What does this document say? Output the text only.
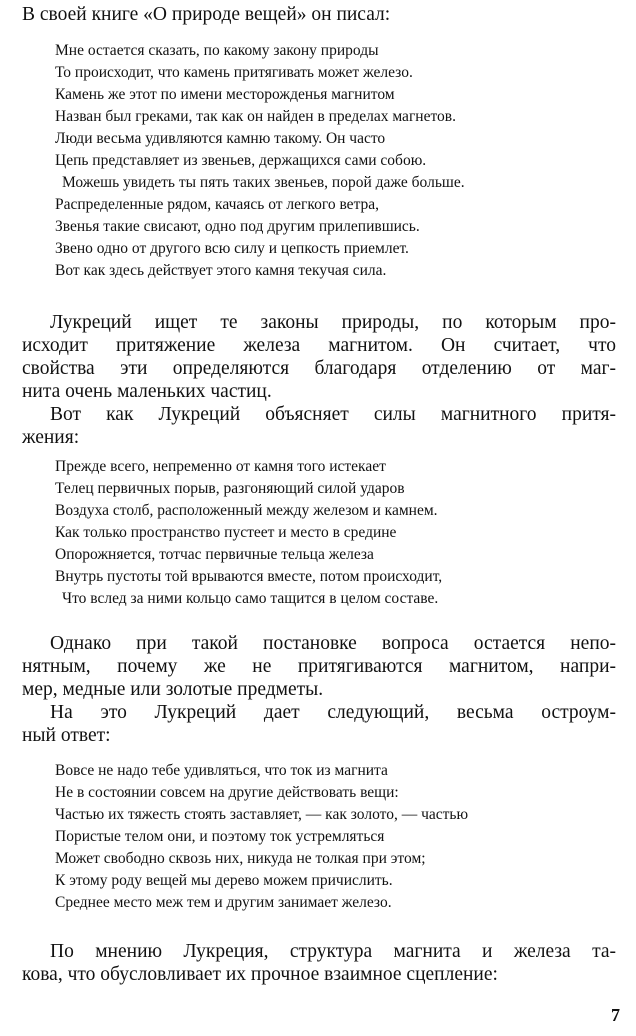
В своей книге «О природе вещей» он писал:
Мне остается сказать, по какому закону природы
То происходит, что камень притягивать может железо.
Камень же этот по имени месторожденья магнитом
Назван был греками, так как он найден в пределах магнетов.
Люди весьма удивляются камню такому. Он часто
Цепь представляет из звеньев, держащихся сами собою.
Можешь увидеть ты пять таких звеньев, порой даже больше.
Распределенные рядом, качаясь от легкого ветра,
Звенья такие свисают, одно под другим прилепившись.
Звено одно от другого всю силу и цепкость приемлет.
Вот как здесь действует этого камня текучая сила.
Лукреций ищет те законы природы, по которым про-
исходит притяжение железа магнитом. Он считает, что
свойства эти определяются благодаря отделению от маг-
нита очень маленьких частиц.
Вот как Лукреций объясняет силы магнитного притя-
жения:
Прежде всего, непременно от камня того истекает
Телец первичных порыв, разгоняющий силой ударов
Воздуха столб, расположенный между железом и камнем.
Как только пространство пустеет и место в средине
Опорожняется, тотчас первичные тельца железа
Внутрь пустоты той врываются вместе, потом происходит,
Что вслед за ними кольцо само тащится в целом составе.
Однако при такой постановке вопроса остается непо-
нятным, почему же не притягиваются магнитом, напри-
мер, медные или золотые предметы.
На это Лукреций дает следующий, весьма остроум-
ный ответ:
Вовсе не надо тебе удивляться, что ток из магнита
Не в состоянии совсем на другие действовать вещи:
Частью их тяжесть стоять заставляет, — как золото, — частью
Пористые телом они, и поэтому ток устремляться
Может свободно сквозь них, никуда не толкая при этом;
К этому роду вещей мы дерево можем причислить.
Среднее место меж тем и другим занимает железо.
По мнению Лукреция, структура магнита и железа та-
кова, что обусловливает их прочное взаимное сцепление:
7
